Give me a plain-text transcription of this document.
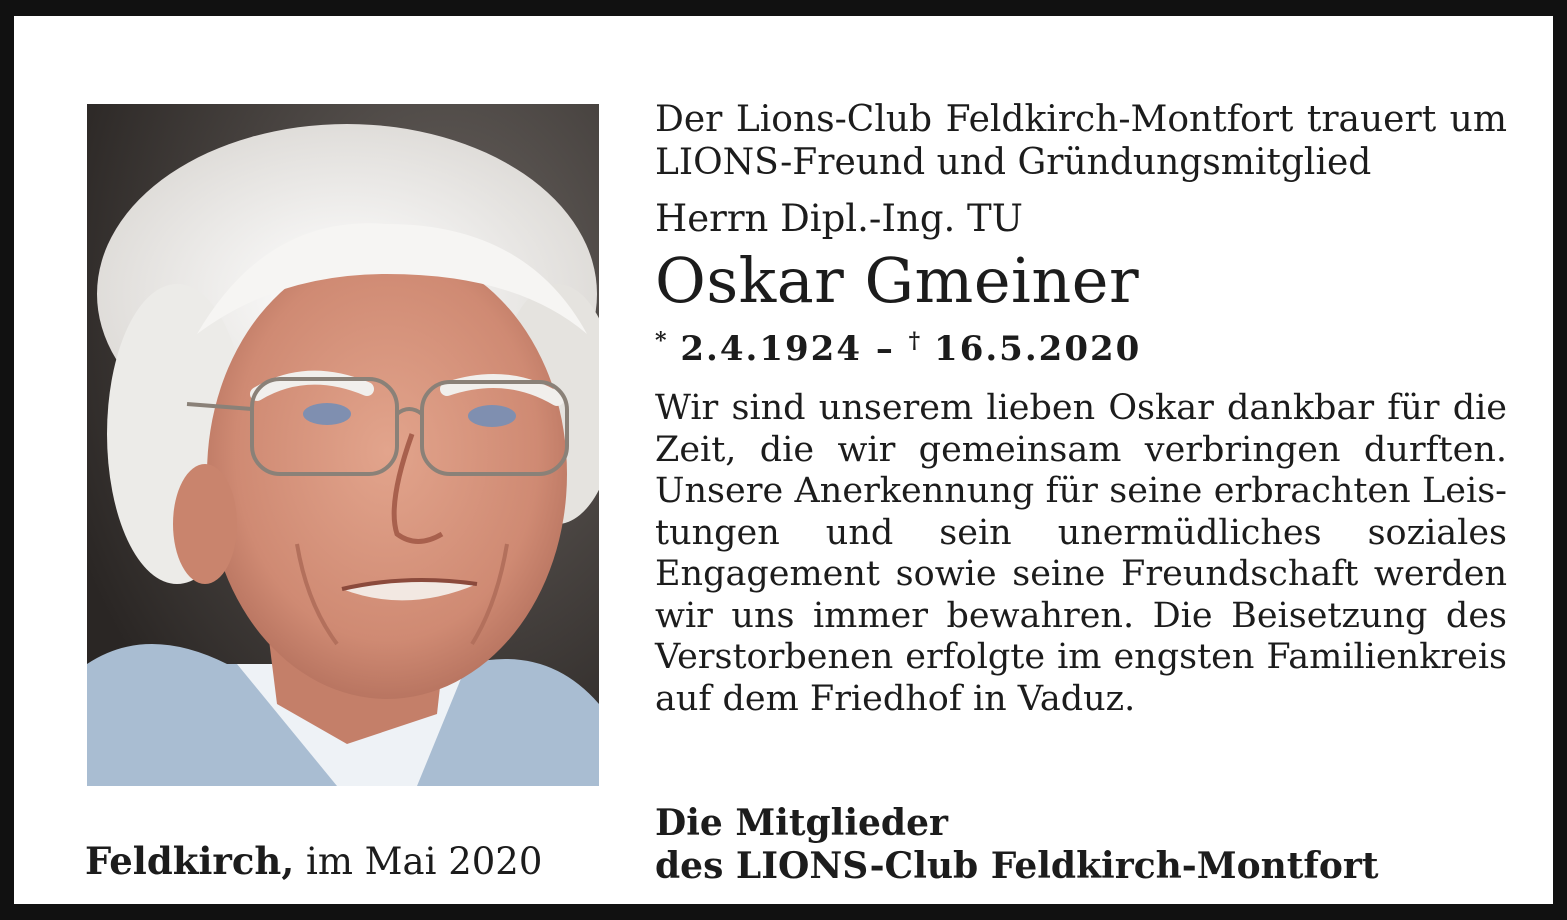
Der Lions-Club Feldkirch-Montfort trauert um LIONS-Freund und Gründungsmitglied

Herrn Dipl.-Ing. TU

Oskar Gmeiner

* 2.4.1924 – † 16.5.2020

Wir sind unserem lieben Oskar dankbar für die Zeit, die wir gemeinsam verbringen durften. Unsere Anerkennung für seine erbrachten Leistungen und sein unermüdliches soziales Engagement sowie seine Freundschaft werden wir uns immer bewahren. Die Beisetzung des Verstorbenen erfolgte im engsten Familienkreis auf dem Friedhof in Vaduz.

Die Mitglieder
des LIONS-Club Feldkirch-Montfort
Feldkirch, im Mai 2020
